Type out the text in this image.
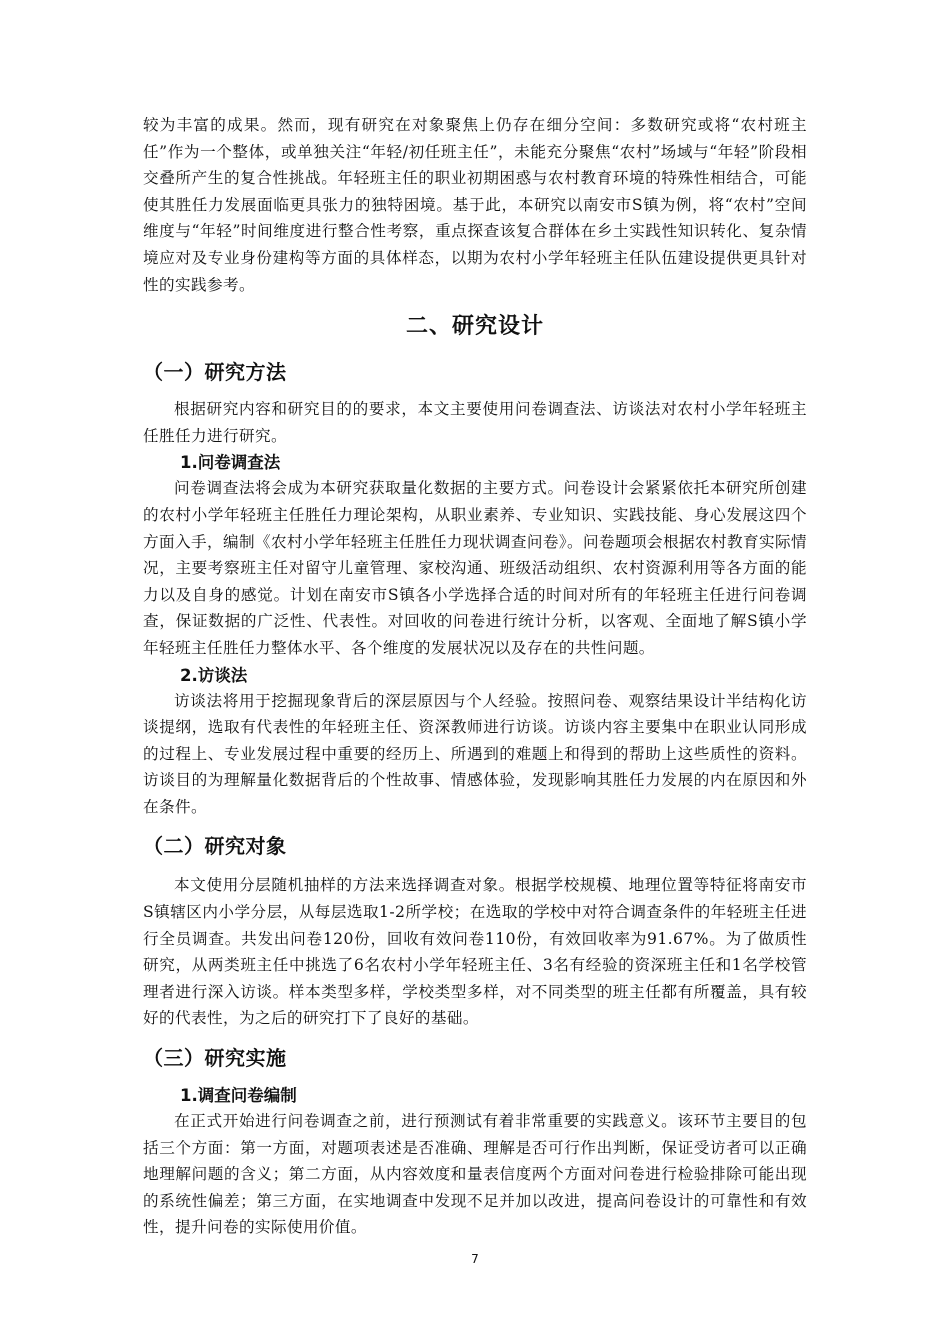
较为丰富的成果。然而，现有研究在对象聚焦上仍存在细分空间：多数研究或将“农村班主任”作为一个整体，或单独关注“年轻/初任班主任”，未能充分聚焦“农村”场域与“年轻”阶段相交叠所产生的复合性挑战。年轻班主任的职业初期困惑与农村教育环境的特殊性相结合，可能使其胜任力发展面临更具张力的独特困境。基于此，本研究以南安市S镇为例，将“农村”空间维度与“年轻”时间维度进行整合性考察，重点探查该复合群体在乡土实践性知识转化、复杂情境应对及专业身份建构等方面的具体样态，以期为农村小学年轻班主任队伍建设提供更具针对性的实践参考。

二、研究设计
（一）研究方法

根据研究内容和研究目的的要求，本文主要使用问卷调查法、访谈法对农村小学年轻班主任胜任力进行研究。

1.问卷调查法

问卷调查法将会成为本研究获取量化数据的主要方式。问卷设计会紧紧依托本研究所创建的农村小学年轻班主任胜任力理论架构，从职业素养、专业知识、实践技能、身心发展这四个方面入手，编制《农村小学年轻班主任胜任力现状调查问卷》。问卷题项会根据农村教育实际情况，主要考察班主任对留守儿童管理、家校沟通、班级活动组织、农村资源利用等各方面的能力以及自身的感觉。计划在南安市S镇各小学选择合适的时间对所有的年轻班主任进行问卷调查，保证数据的广泛性、代表性。对回收的问卷进行统计分析，以客观、全面地了解S镇小学年轻班主任胜任力整体水平、各个维度的发展状况以及存在的共性问题。

2.访谈法

访谈法将用于挖掘现象背后的深层原因与个人经验。按照问卷、观察结果设计半结构化访谈提纲，选取有代表性的年轻班主任、资深教师进行访谈。访谈内容主要集中在职业认同形成的过程上、专业发展过程中重要的经历上、所遇到的难题上和得到的帮助上这些质性的资料。访谈目的为理解量化数据背后的个性故事、情感体验，发现影响其胜任力发展的内在原因和外在条件。

（二）研究对象

本文使用分层随机抽样的方法来选择调查对象。根据学校规模、地理位置等特征将南安市S镇辖区内小学分层，从每层选取1-2所学校；在选取的学校中对符合调查条件的年轻班主任进行全员调查。共发出问卷120份，回收有效问卷110份，有效回收率为91.67%。为了做质性研究，从两类班主任中挑选了6名农村小学年轻班主任、3名有经验的资深班主任和1名学校管理者进行深入访谈。样本类型多样，学校类型多样，对不同类型的班主任都有所覆盖，具有较好的代表性，为之后的研究打下了良好的基础。

（三）研究实施
1.调查问卷编制

在正式开始进行问卷调查之前，进行预测试有着非常重要的实践意义。该环节主要目的包括三个方面：第一方面，对题项表述是否准确、理解是否可行作出判断，保证受访者可以正确地理解问题的含义；第二方面，从内容效度和量表信度两个方面对问卷进行检验排除可能出现的系统性偏差；第三方面，在实地调查中发现不足并加以改进，提高问卷设计的可靠性和有效性，提升问卷的实际使用价值。

7
